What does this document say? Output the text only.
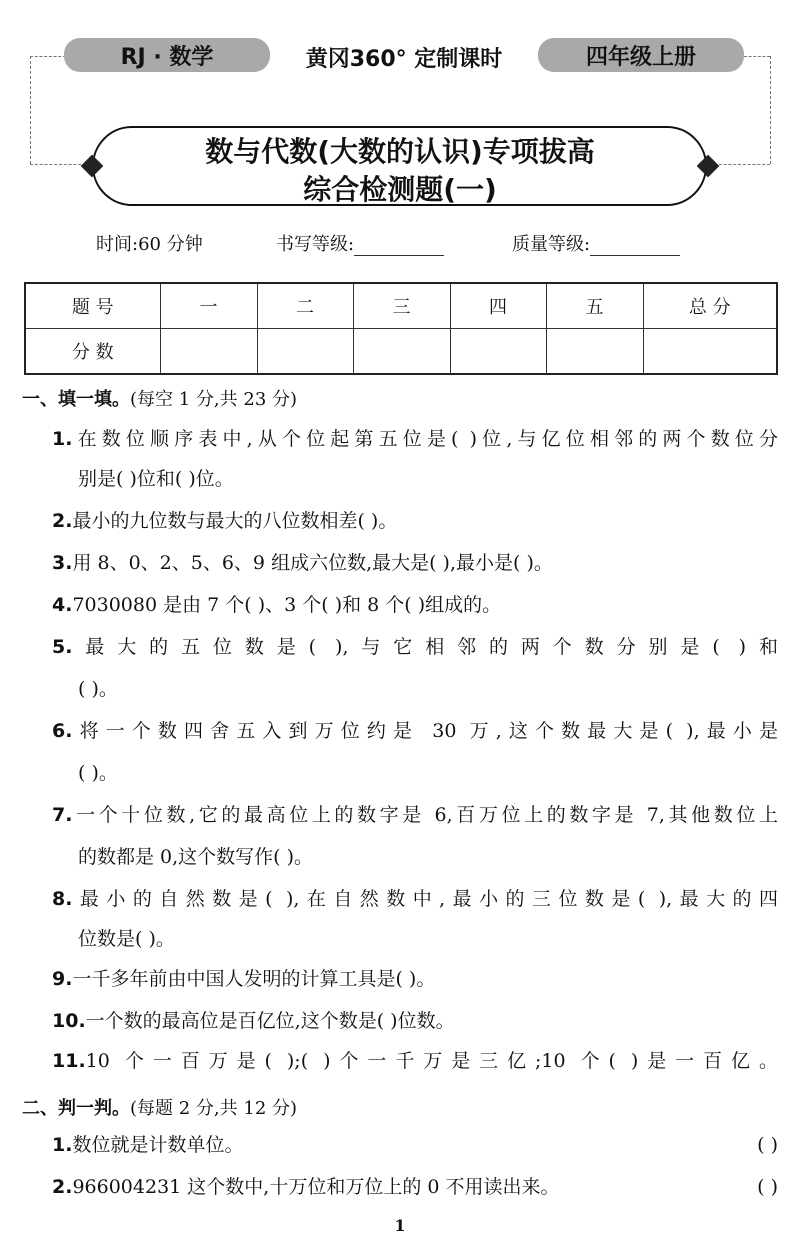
RJ · 数学	黄冈360° 定制课时	四年级上册
数与代数(大数的认识)专项拔高
综合检测题(一)
时间:60 分钟	书写等级:	质量等级:
题 号	一	二	三	四	五	总 分
分 数						
一、填一填。(每空 1 分,共 23 分)
1.在数位顺序表中,从个位起第五位是( )位,与亿位相邻的两个数位分
别是( )位和( )位。
2.最小的九位数与最大的八位数相差( )。
3.用 8、0、2、5、6、9 组成六位数,最大是( ),最小是( )。
4.7030080 是由 7 个( )、3 个( )和 8 个( )组成的。
5.最大的五位数是( ),与它相邻的两个数分别是( )和
( )。
6.将一个数四舍五入到万位约是 30 万,这个数最大是( ),最小是
( )。
7.一个十位数,它的最高位上的数字是 6,百万位上的数字是 7,其他数位上
的数都是 0,这个数写作( )。
8.最小的自然数是( ),在自然数中,最小的三位数是( ),最大的四
位数是( )。
9.一千多年前由中国人发明的计算工具是( )。
10.一个数的最高位是百亿位,这个数是( )位数。
11.10 个一百万是( );( )个一千万是三亿;10 个( )是一百亿。
二、判一判。(每题 2 分,共 12 分)
1.数位就是计数单位。	( )
2.966004231 这个数中,十万位和万位上的 0 不用读出来。	( )
1
